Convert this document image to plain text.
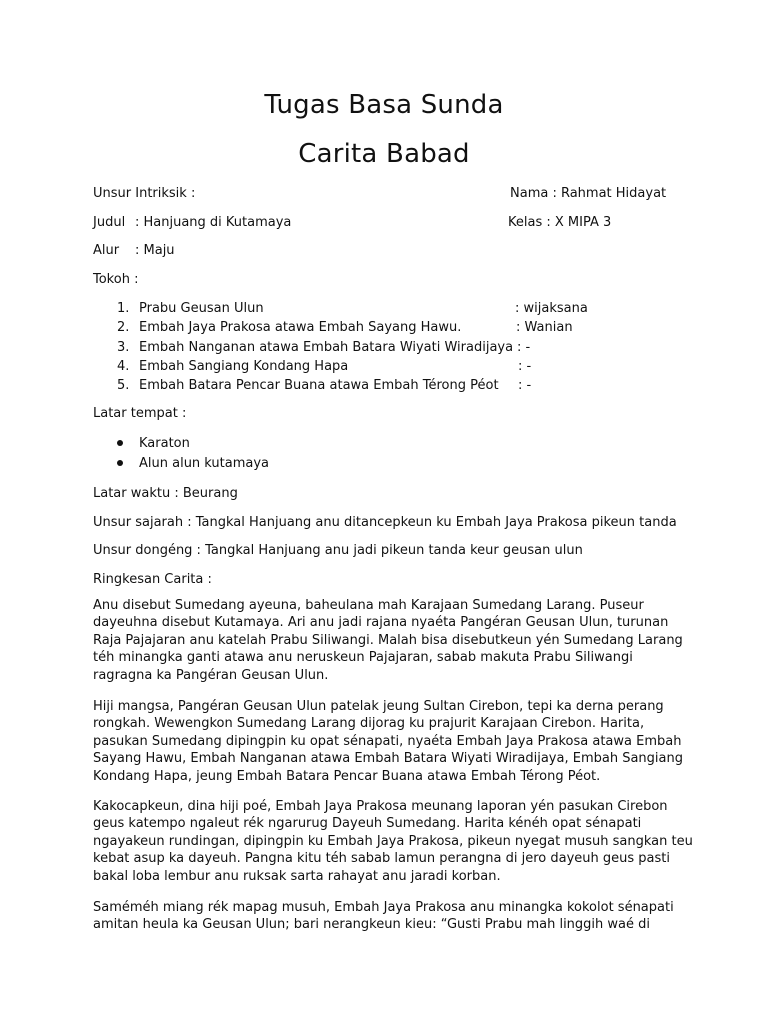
Tugas Basa Sunda
Carita Babad
Unsur Intriksik :	Nama : Rahmat Hidayat
Judul : Hanjuang di Kutamaya	Kelas : X MIPA 3
Alur : Maju
Tokoh :
1. Prabu Geusan Ulun	: wijaksana
2. Embah Jaya Prakosa atawa Embah Sayang Hawu.	: Wanian
3. Embah Nanganan atawa Embah Batara Wiyati Wiradijaya : -
4. Embah Sangiang Kondang Hapa	: -
5. Embah Batara Pencar Buana atawa Embah Térong Péot : -
Latar tempat :
Karaton
Alun alun kutamaya
Latar waktu : Beurang
Unsur sajarah : Tangkal Hanjuang anu ditancepkeun ku Embah Jaya Prakosa pikeun tanda
Unsur dongéng : Tangkal Hanjuang anu jadi pikeun tanda keur geusan ulun
Ringkesan Carita :
Anu disebut Sumedang ayeuna, baheulana mah Karajaan Sumedang Larang. Puseur
dayeuhna disebut Kutamaya. Ari anu jadi rajana nyaéta Pangéran Geusan Ulun, turunan
Raja Pajajaran anu katelah Prabu Siliwangi. Malah bisa disebutkeun yén Sumedang Larang
téh minangka ganti atawa anu neruskeun Pajajaran, sabab makuta Prabu Siliwangi
ragragna ka Pangéran Geusan Ulun.
Hiji mangsa, Pangéran Geusan Ulun patelak jeung Sultan Cirebon, tepi ka derna perang
rongkah. Wewengkon Sumedang Larang dijorag ku prajurit Karajaan Cirebon. Harita,
pasukan Sumedang dipingpin ku opat sénapati, nyaéta Embah Jaya Prakosa atawa Embah
Sayang Hawu, Embah Nanganan atawa Embah Batara Wiyati Wiradijaya, Embah Sangiang
Kondang Hapa, jeung Embah Batara Pencar Buana atawa Embah Térong Péot.
Kakocapkeun, dina hiji poé, Embah Jaya Prakosa meunang laporan yén pasukan Cirebon
geus katempo ngaleut rék ngarurug Dayeuh Sumedang. Harita kénéh opat sénapati
ngayakeun rundingan, dipingpin ku Embah Jaya Prakosa, pikeun nyegat musuh sangkan teu
kebat asup ka dayeuh. Pangna kitu téh sabab lamun perangna di jero dayeuh geus pasti
bakal loba lembur anu ruksak sarta rahayat anu jaradi korban.
Saméméh miang rék mapag musuh, Embah Jaya Prakosa anu minangka kokolot sénapati
amitan heula ka Geusan Ulun; bari nerangkeun kieu: “Gusti Prabu mah linggih waé di
